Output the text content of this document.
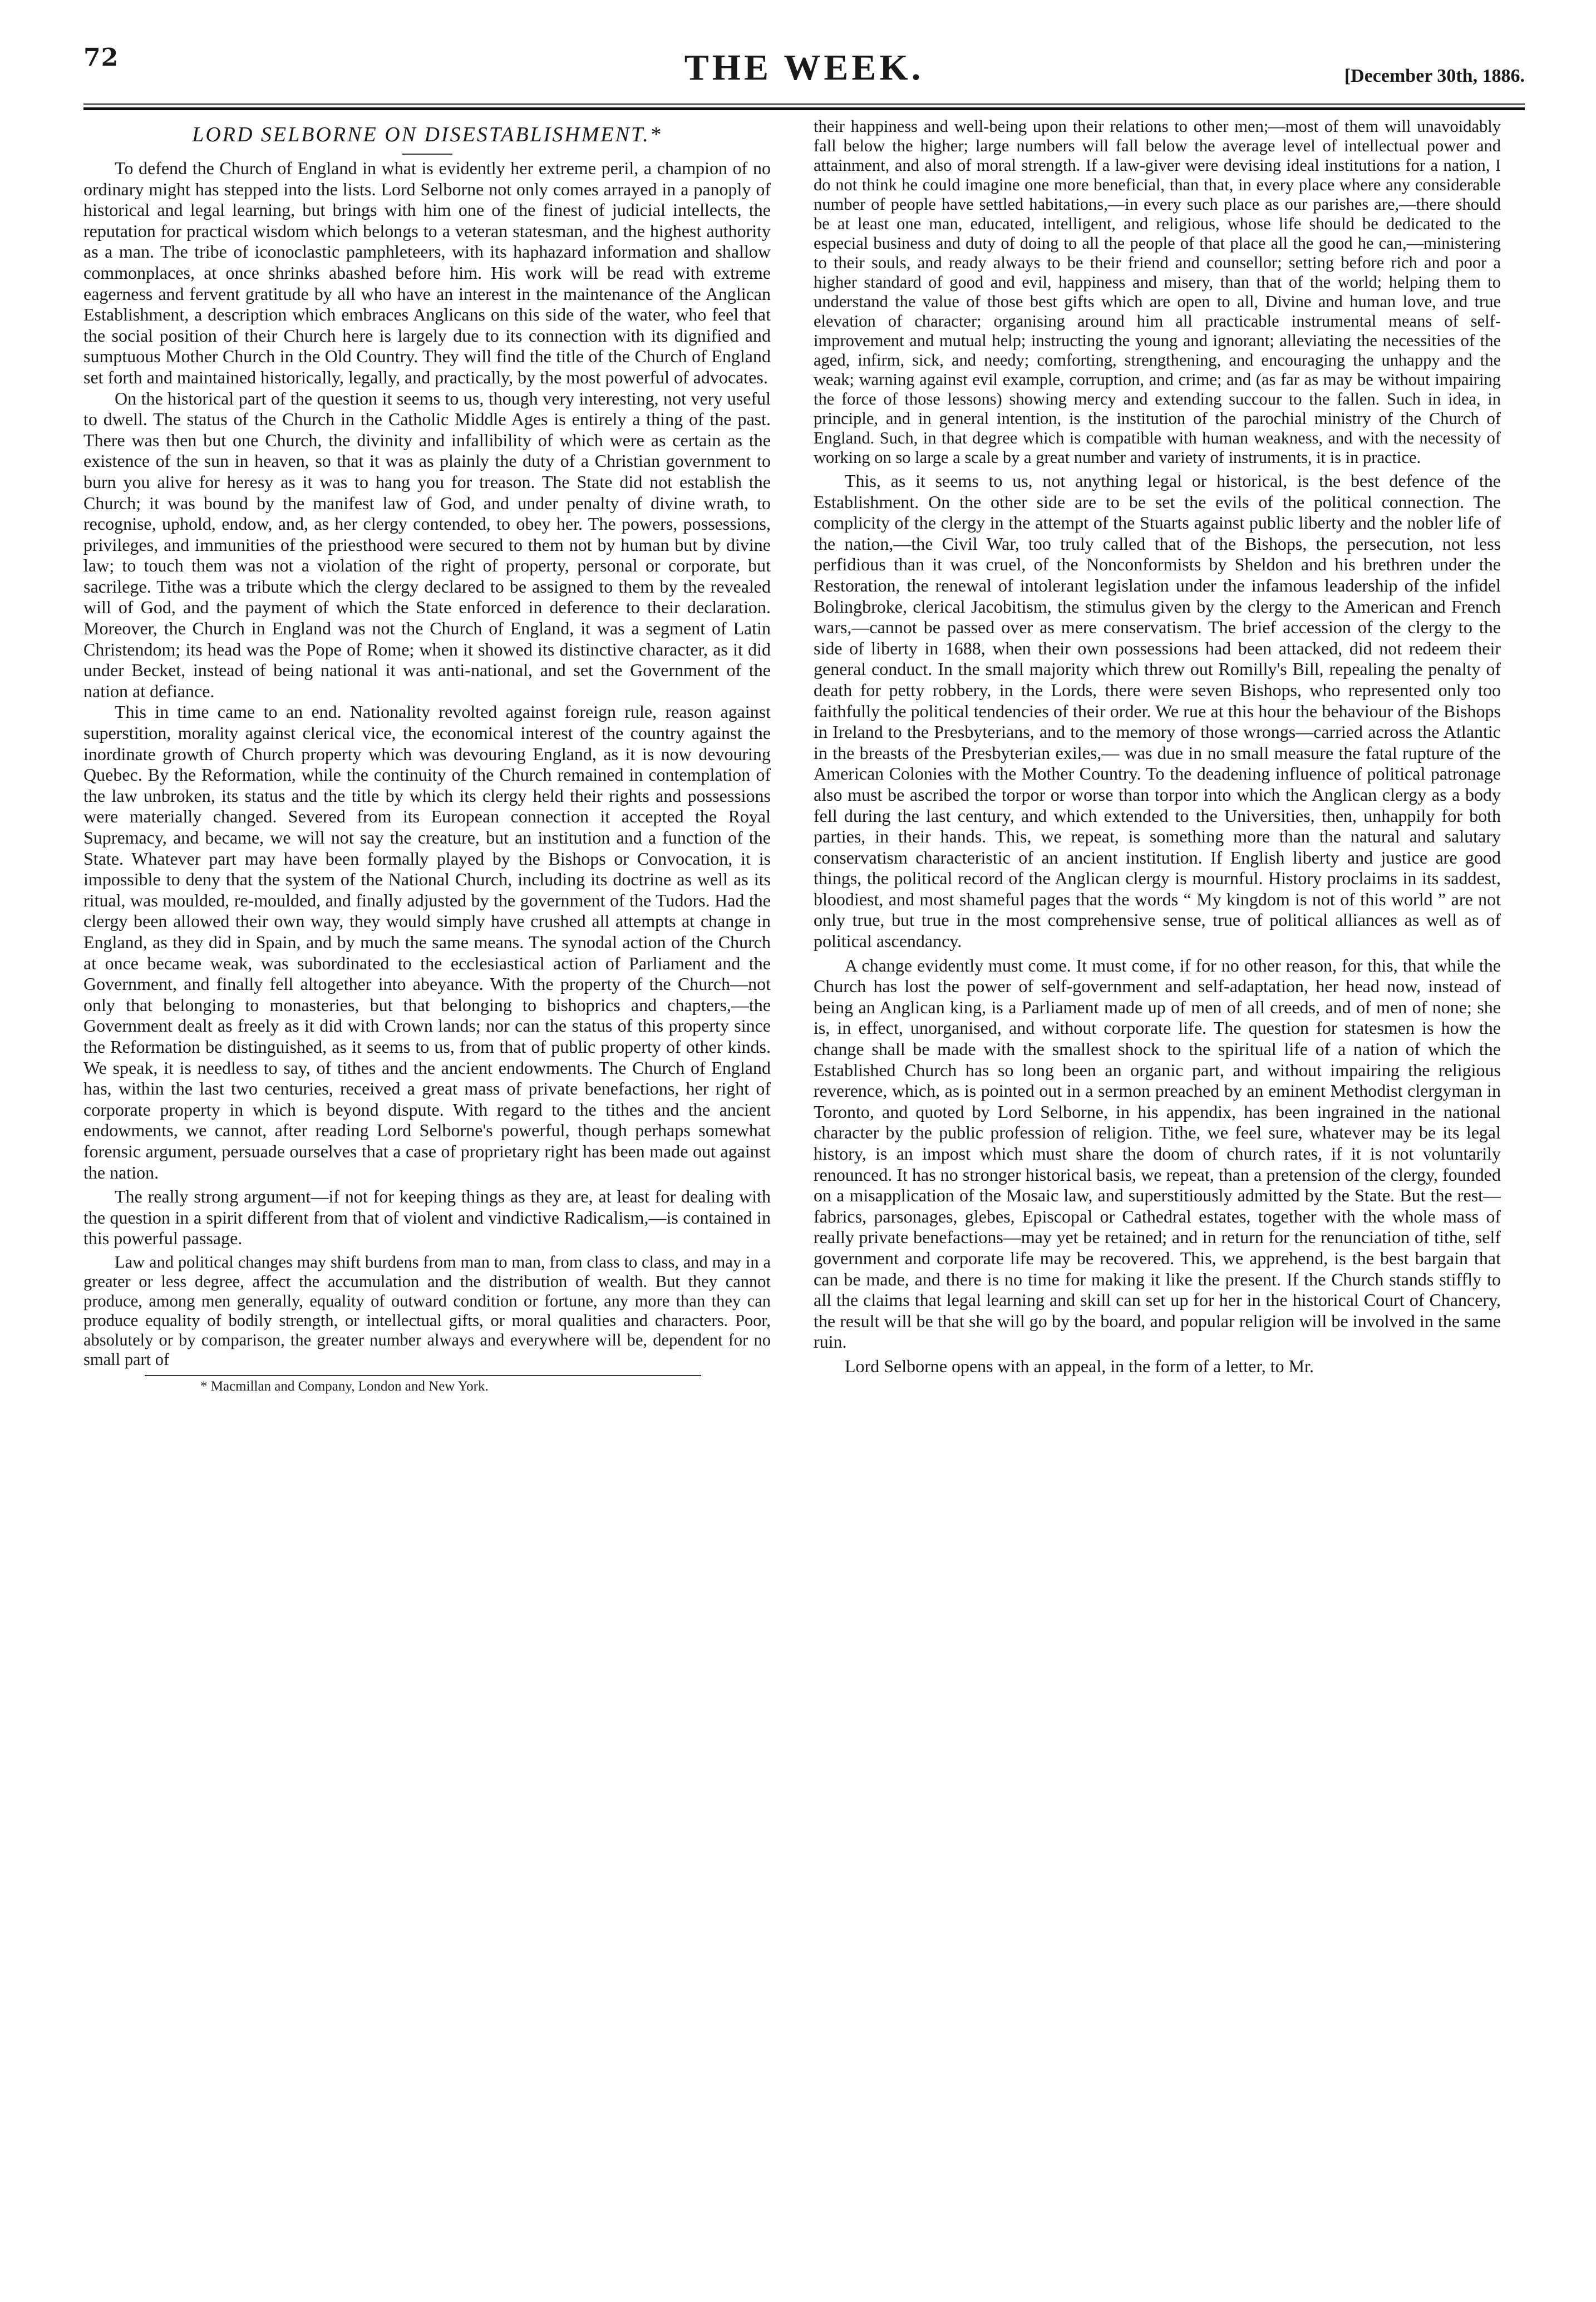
72	THE WEEK.	[December 30th, 1886.
LORD SELBORNE ON DISESTABLISHMENT.*

To defend the Church of England in what is evidently her extreme peril, a champion of no ordinary might has stepped into the lists. Lord Selborne not only comes arrayed in a panoply of historical and legal learning, but brings with him one of the finest of judicial intellects, the reputation for practical wisdom which belongs to a veteran statesman, and the highest authority as a man. The tribe of iconoclastic pamphleteers, with its haphazard information and shallow commonplaces, at once shrinks abashed before him. His work will be read with extreme eagerness and fervent gratitude by all who have an interest in the maintenance of the Anglican Establishment, a description which embraces Anglicans on this side of the water, who feel that the social position of their Church here is largely due to its connection with its dignified and sumptuous Mother Church in the Old Country. They will find the title of the Church of England set forth and maintained historically, legally, and practically, by the most powerful of advocates.

On the historical part of the question it seems to us, though very interesting, not very useful to dwell. The status of the Church in the Catholic Middle Ages is entirely a thing of the past. There was then but one Church, the divinity and infallibility of which were as certain as the existence of the sun in heaven, so that it was as plainly the duty of a Christian government to burn you alive for heresy as it was to hang you for treason. The State did not establish the Church; it was bound by the manifest law of God, and under penalty of divine wrath, to recognise, uphold, endow, and, as her clergy contended, to obey her. The powers, possessions, privileges, and immunities of the priesthood were secured to them not by human but by divine law; to touch them was not a violation of the right of property, personal or corporate, but sacrilege. Tithe was a tribute which the clergy declared to be assigned to them by the revealed will of God, and the payment of which the State enforced in deference to their declaration. Moreover, the Church in England was not the Church of England, it was a segment of Latin Christendom; its head was the Pope of Rome; when it showed its distinctive character, as it did under Becket, instead of being national it was anti-national, and set the Government of the nation at defiance.

This in time came to an end. Nationality revolted against foreign rule, reason against superstition, morality against clerical vice, the economical interest of the country against the inordinate growth of Church property which was devouring England, as it is now devouring Quebec. By the Reformation, while the continuity of the Church remained in contemplation of the law unbroken, its status and the title by which its clergy held their rights and possessions were materially changed. Severed from its European connection it accepted the Royal Supremacy, and became, we will not say the creature, but an institution and a function of the State. Whatever part may have been formally played by the Bishops or Convocation, it is impossible to deny that the system of the National Church, including its doctrine as well as its ritual, was moulded, re-moulded, and finally adjusted by the government of the Tudors. Had the clergy been allowed their own way, they would simply have crushed all attempts at change in England, as they did in Spain, and by much the same means. The synodal action of the Church at once became weak, was subordinated to the ecclesiastical action of Parliament and the Government, and finally fell altogether into abeyance. With the property of the Church—not only that belonging to monasteries, but that belonging to bishoprics and chapters,—the Government dealt as freely as it did with Crown lands; nor can the status of this property since the Reformation be distinguished, as it seems to us, from that of public property of other kinds. We speak, it is needless to say, of tithes and the ancient endowments. The Church of England has, within the last two centuries, received a great mass of private benefactions, her right of corporate property in which is beyond dispute. With regard to the tithes and the ancient endowments, we cannot, after reading Lord Selborne's powerful, though perhaps somewhat forensic argument, persuade ourselves that a case of proprietary right has been made out against the nation.

The really strong argument—if not for keeping things as they are, at least for dealing with the question in a spirit different from that of violent and vindictive Radicalism,—is contained in this powerful passage.

Law and political changes may shift burdens from man to man, from class to class, and may in a greater or less degree, affect the accumulation and the distribution of wealth. But they cannot produce, among men generally, equality of outward condition or fortune, any more than they can produce equality of bodily strength, or intellectual gifts, or moral qualities and characters. Poor, absolutely or by comparison, the greater number always and everywhere will be, dependent for no small part of

* Macmillan and Company, London and New York.

their happiness and well-being upon their relations to other men;—most of them will unavoidably fall below the higher; large numbers will fall below the average level of intellectual power and attainment, and also of moral strength. If a law-giver were devising ideal institutions for a nation, I do not think he could imagine one more beneficial, than that, in every place where any considerable number of people have settled habitations,—in every such place as our parishes are,—there should be at least one man, educated, intelligent, and religious, whose life should be dedicated to the especial business and duty of doing to all the people of that place all the good he can,—ministering to their souls, and ready always to be their friend and counsellor; setting before rich and poor a higher standard of good and evil, happiness and misery, than that of the world; helping them to understand the value of those best gifts which are open to all, Divine and human love, and true elevation of character; organising around him all practicable instrumental means of self-improvement and mutual help; instructing the young and ignorant; alleviating the necessities of the aged, infirm, sick, and needy; comforting, strengthening, and encouraging the unhappy and the weak; warning against evil example, corruption, and crime; and (as far as may be without impairing the force of those lessons) showing mercy and extending succour to the fallen. Such in idea, in principle, and in general intention, is the institution of the parochial ministry of the Church of England. Such, in that degree which is compatible with human weakness, and with the necessity of working on so large a scale by a great number and variety of instruments, it is in practice.

This, as it seems to us, not anything legal or historical, is the best defence of the Establishment. On the other side are to be set the evils of the political connection. The complicity of the clergy in the attempt of the Stuarts against public liberty and the nobler life of the nation,—the Civil War, too truly called that of the Bishops, the persecution, not less perfidious than it was cruel, of the Nonconformists by Sheldon and his brethren under the Restoration, the renewal of intolerant legislation under the infamous leadership of the infidel Bolingbroke, clerical Jacobitism, the stimulus given by the clergy to the American and French wars,—cannot be passed over as mere conservatism. The brief accession of the clergy to the side of liberty in 1688, when their own possessions had been attacked, did not redeem their general conduct. In the small majority which threw out Romilly's Bill, repealing the penalty of death for petty robbery, in the Lords, there were seven Bishops, who represented only too faithfully the political tendencies of their order. We rue at this hour the behaviour of the Bishops in Ireland to the Presbyterians, and to the memory of those wrongs—carried across the Atlantic in the breasts of the Presbyterian exiles,— was due in no small measure the fatal rupture of the American Colonies with the Mother Country. To the deadening influence of political patronage also must be ascribed the torpor or worse than torpor into which the Anglican clergy as a body fell during the last century, and which extended to the Universities, then, unhappily for both parties, in their hands. This, we repeat, is something more than the natural and salutary conservatism characteristic of an ancient institution. If English liberty and justice are good things, the political record of the Anglican clergy is mournful. History proclaims in its saddest, bloodiest, and most shameful pages that the words “ My kingdom is not of this world ” are not only true, but true in the most comprehensive sense, true of political alliances as well as of political ascendancy.

A change evidently must come. It must come, if for no other reason, for this, that while the Church has lost the power of self-government and self-adaptation, her head now, instead of being an Anglican king, is a Parliament made up of men of all creeds, and of men of none; she is, in effect, unorganised, and without corporate life. The question for statesmen is how the change shall be made with the smallest shock to the spiritual life of a nation of which the Established Church has so long been an organic part, and without impairing the religious reverence, which, as is pointed out in a sermon preached by an eminent Methodist clergyman in Toronto, and quoted by Lord Selborne, in his appendix, has been ingrained in the national character by the public profession of religion. Tithe, we feel sure, whatever may be its legal history, is an impost which must share the doom of church rates, if it is not voluntarily renounced. It has no stronger historical basis, we repeat, than a pretension of the clergy, founded on a misapplication of the Mosaic law, and superstitiously admitted by the State. But the rest—fabrics, parsonages, glebes, Episcopal or Cathedral estates, together with the whole mass of really private benefactions—may yet be retained; and in return for the renunciation of tithe, self government and corporate life may be recovered. This, we apprehend, is the best bargain that can be made, and there is no time for making it like the present. If the Church stands stiffly to all the claims that legal learning and skill can set up for her in the historical Court of Chancery, the result will be that she will go by the board, and popular religion will be involved in the same ruin.

Lord Selborne opens with an appeal, in the form of a letter, to Mr.
